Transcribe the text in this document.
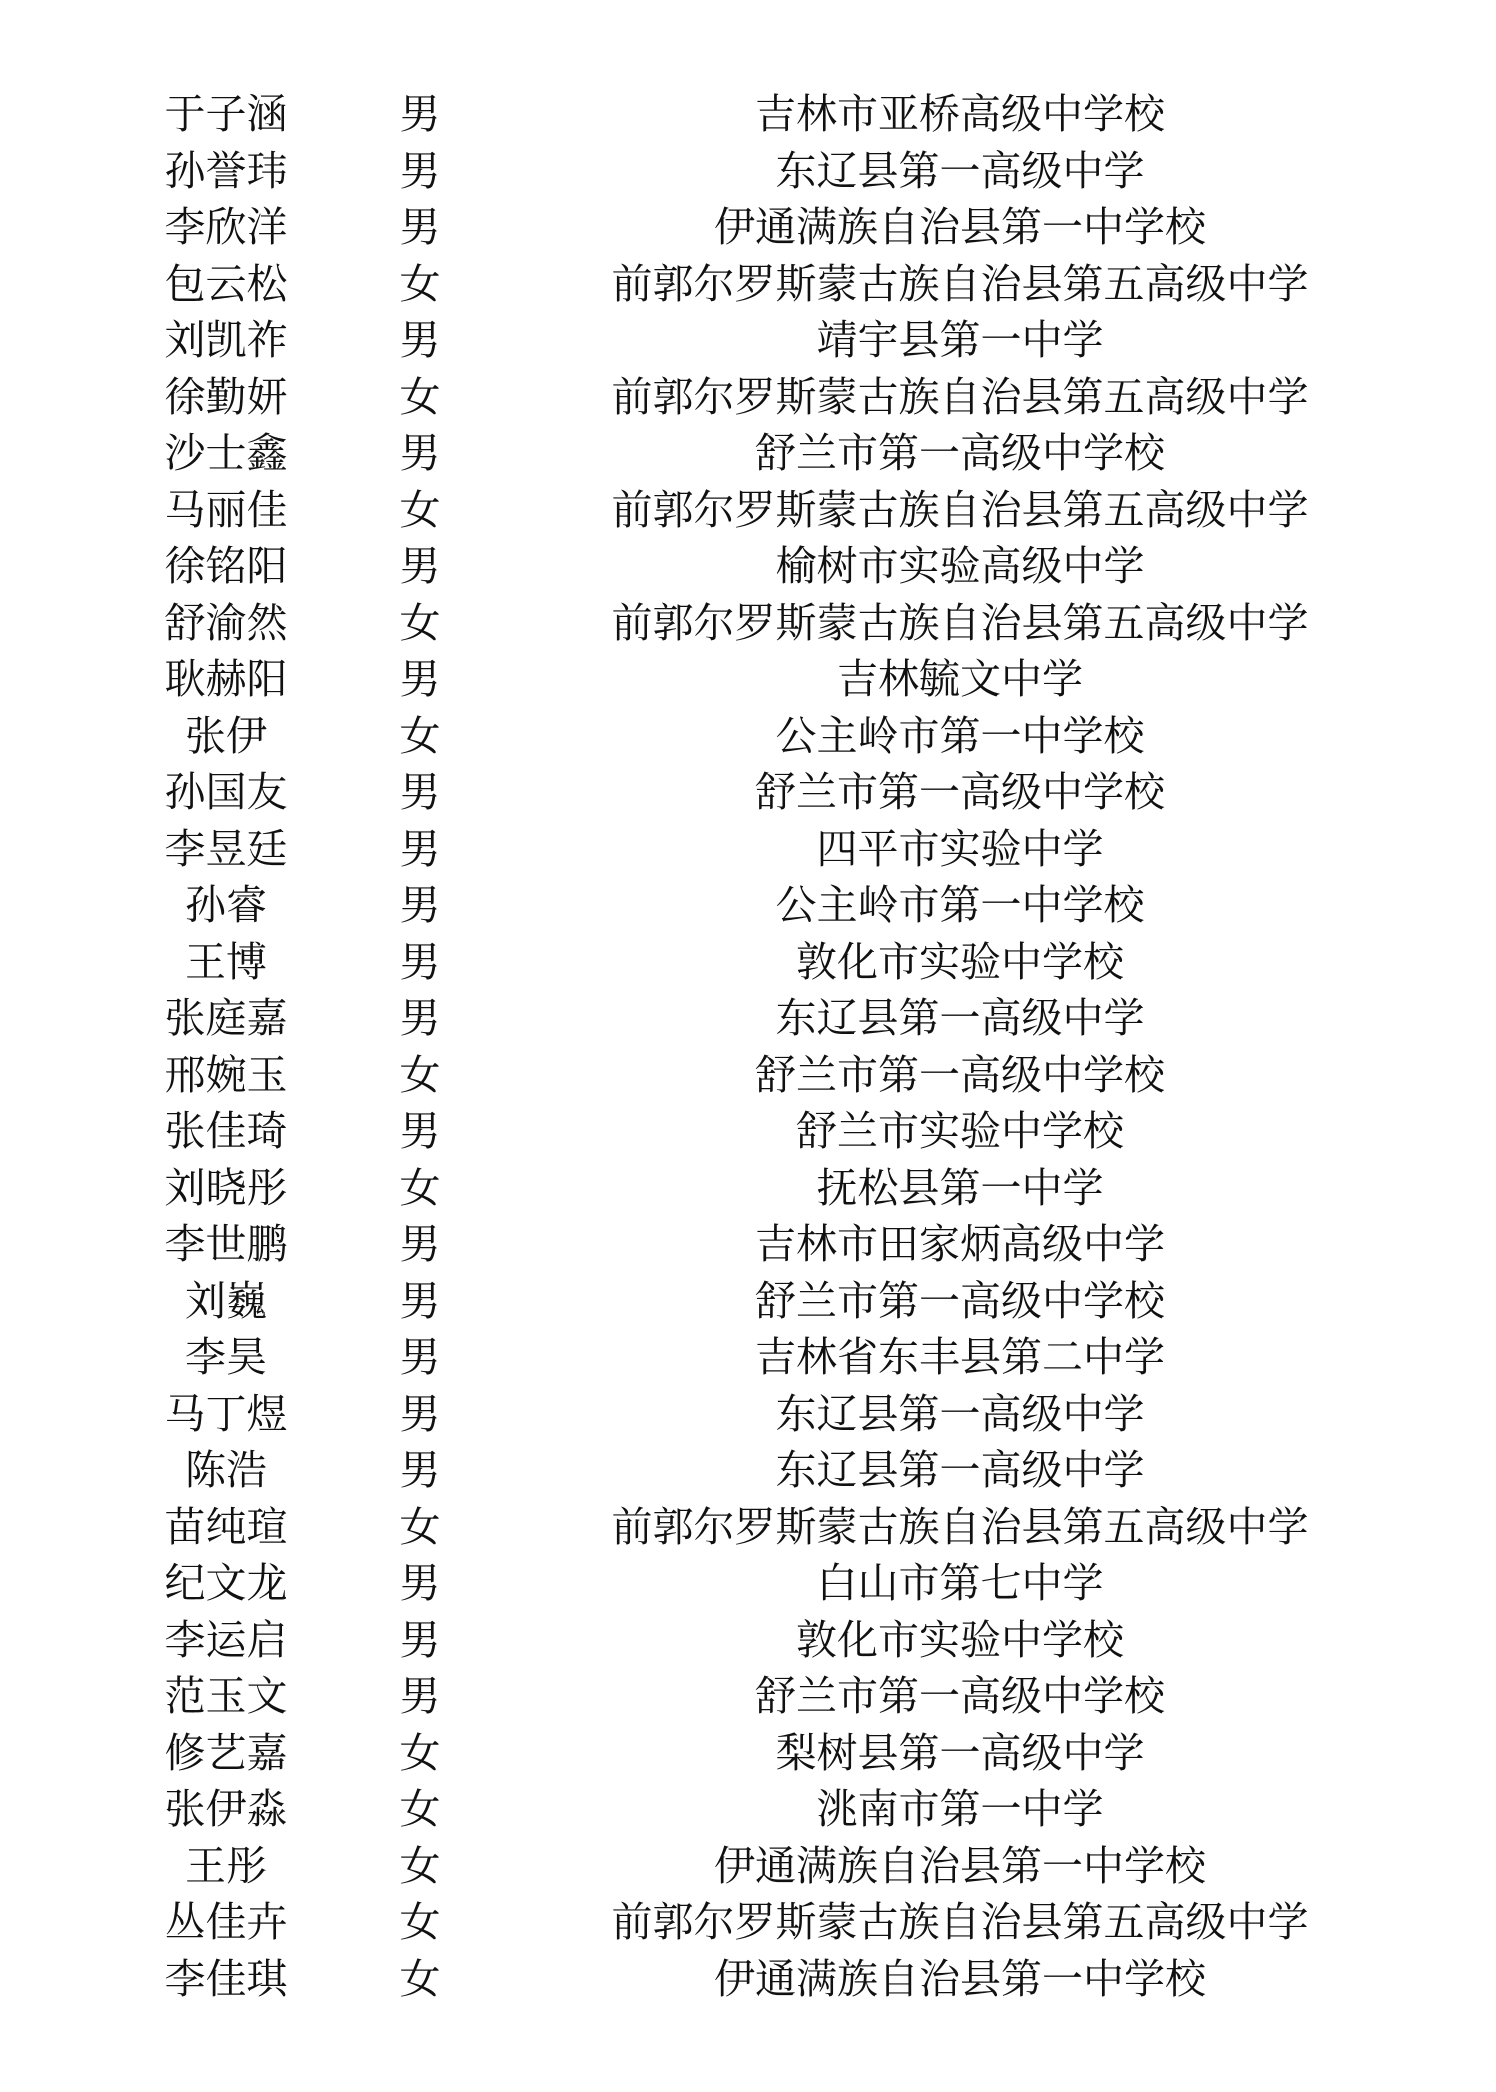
于子涵	男	吉林市亚桥高级中学校
孙誉玮	男	东辽县第一高级中学
李欣洋	男	伊通满族自治县第一中学校
包云松	女	前郭尔罗斯蒙古族自治县第五高级中学
刘凯祚	男	靖宇县第一中学
徐勤妍	女	前郭尔罗斯蒙古族自治县第五高级中学
沙士鑫	男	舒兰市第一高级中学校
马丽佳	女	前郭尔罗斯蒙古族自治县第五高级中学
徐铭阳	男	榆树市实验高级中学
舒渝然	女	前郭尔罗斯蒙古族自治县第五高级中学
耿赫阳	男	吉林毓文中学
张伊	女	公主岭市第一中学校
孙国友	男	舒兰市第一高级中学校
李昱廷	男	四平市实验中学
孙睿	男	公主岭市第一中学校
王博	男	敦化市实验中学校
张庭嘉	男	东辽县第一高级中学
邢婉玉	女	舒兰市第一高级中学校
张佳琦	男	舒兰市实验中学校
刘晓彤	女	抚松县第一中学
李世鹏	男	吉林市田家炳高级中学
刘巍	男	舒兰市第一高级中学校
李昊	男	吉林省东丰县第二中学
马丁煜	男	东辽县第一高级中学
陈浩	男	东辽县第一高级中学
苗纯瑄	女	前郭尔罗斯蒙古族自治县第五高级中学
纪文龙	男	白山市第七中学
李运启	男	敦化市实验中学校
范玉文	男	舒兰市第一高级中学校
修艺嘉	女	梨树县第一高级中学
张伊淼	女	洮南市第一中学
王彤	女	伊通满族自治县第一中学校
丛佳卉	女	前郭尔罗斯蒙古族自治县第五高级中学
李佳琪	女	伊通满族自治县第一中学校
